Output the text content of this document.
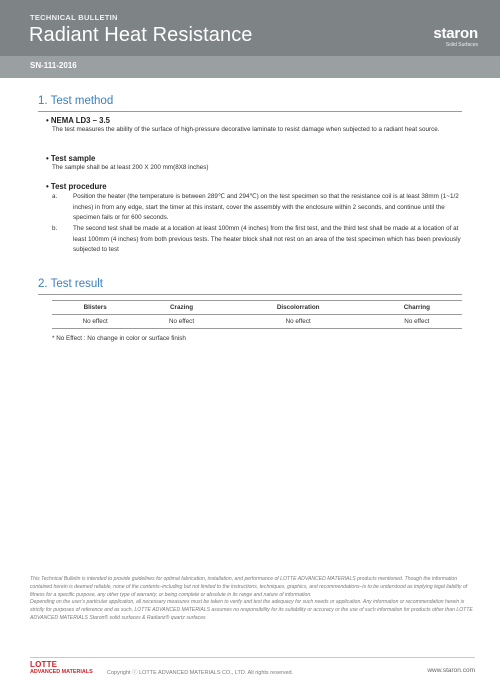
TECHNICAL BULLETIN
Radiant Heat Resistance	staron
Solid Surfaces
SN-111-2016
1. Test method
• NEMA LD3 – 3.5
The test measures the ability of the surface of high-pressure decorative laminate to resist damage when subjected to a radiant heat source.
• Test sample
The sample shall be at least 200 X 200 mm(8X8 inches)
• Test procedure
a. Position the heater (the temperature is between 289℃ and 294℃) on the test specimen so that the resistance coil is at least 38mm (1~1/2 inches) in from any edge, start the timer at this instant, cover the assembly with the enclosure within 2 seconds, and continue until the specimen fails or for 600 seconds.
b. The second test shall be made at a location at least 100mm (4 inches) from the first test, and the third test shall be made at a location of at least 100mm (4 inches) from both previous tests. The heater block shall not rest on an area of the test specimen which has been previously subjected to test
2. Test result
Blisters	Crazing	Discolorration	Charring
No effect	No effect	No effect	No effect
* No Effect : No change in color or surface finish
This Technical Bulletin is intended to provide guidelines for optimal fabrication, installation, and performance of LOTTE ADVANCED MATERIALS products mentioned. Though the information contained herein is deemed reliable, none of the contents–including but not limited to the instructions, techniques, graphics, and recommendations–is to be understood as implying legal liability of fitness for a specific purpose, any other type of warranty, or being complete or absolute in its range and nature of information.
Depending on the user's particular application, all necessary measures must be taken to verify and test the adequacy for such needs or application. Any information or recommendation herein is strictly for purposes of reference and as such, LOTTE ADVANCED MATERIALS assumes no responsibility for its suitability or accuracy or the use of such information for products other than LOTTE ADVANCED MATERIALS Staron® solid surfaces & Radianz® quartz surfaces
LOTTE
ADVANCED MATERIALS	Copyright ⓒ LOTTE ADVANCED MATERIALS CO., LTD. All rights reserved.	www.staron.com
